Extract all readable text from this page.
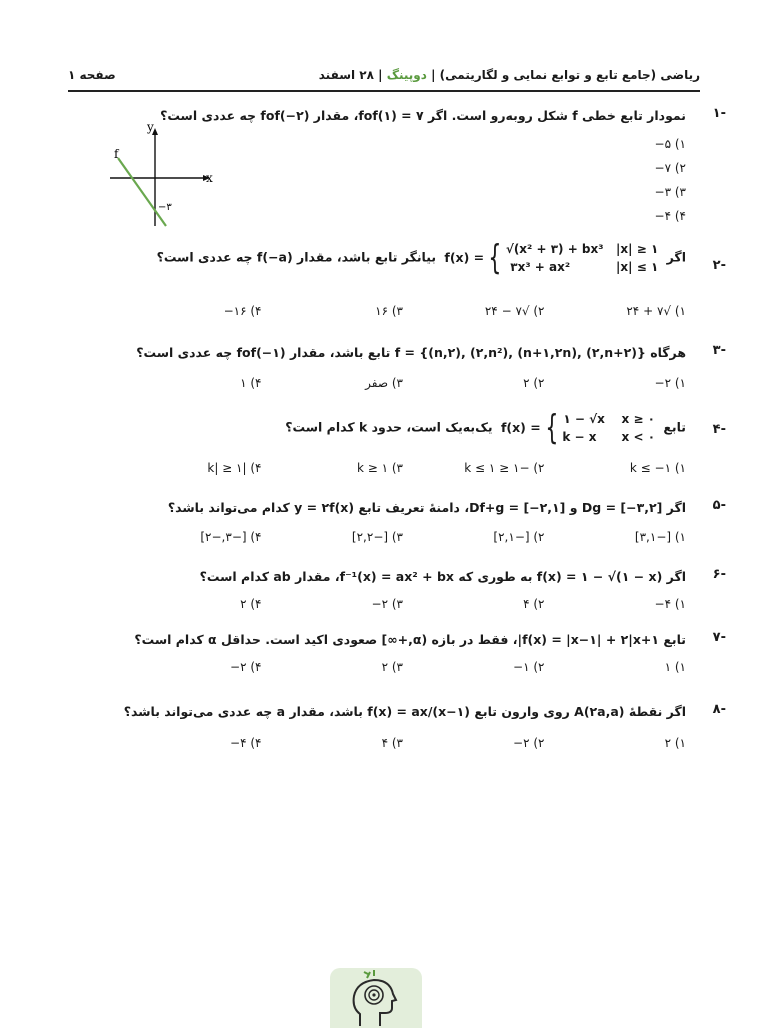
صفحه ۱	ریاضی (جامع تابع و توابع نمایی و لگاریتمی) | دوپینگ | ۲۸ اسفند
-۱
نمودار تابع خطی f شکل روبه‌رو است. اگر fof(۱) = ۷، مقدار fof(−۲) چه عددی است؟
۱) ۵−
۲) ۷−
۳) ۳−
۴) ۴−
x
y
f
−۳
-۲
اگر
f(x) = { √(x² + ۳) + bx³   |x| ≥ ۱
۳x³ + ax²           |x| ≤ ۱
بیانگر تابع باشد، مقدار f(−a) چه عددی است؟
۱) √۷ + ۲۴
۲) √۷ − ۲۴
۳) ۱۶
۴) ۱۶−
-۳
هرگاه f = {(n,۲), (۲,n²), (n+۱,۲n), (۲,n+۲)} تابع باشد، مقدار fof(−۱) چه عددی است؟
۱) ۲−
۲) ۲
۳) صفر
۴) ۱
-۴
تابع
f(x) = { ۱ − √x    x ≥ ۰
k − x      x < ۰
یک‌به‌یک است، حدود k کدام است؟
۱) k ≤ −۱
۲) −۱ ≤ k ≤ ۱
۳) k ≥ ۱
۴) |k| ≥ ۱
-۵
اگر Dg = [−۳,۲] و Df+g = [−۲,۱]، دامنهٔ تعریف تابع y = ۲f(x) کدام می‌تواند باشد؟
۱) [−۳,۱]
۲) [−۲,۱]
۳) [−۲,۲]
۴) [−۳,−۲]
-۶
اگر f(x) = ۱ − √(۱ − x) به طوری که f⁻¹(x) = ax² + bx، مقدار ab کدام است؟
۱) ۴−
۲) ۴
۳) ۲−
۴) ۲
-۷
تابع f(x) = |x−۱| + ۲|x+۱|، فقط در بازه (α,+∞] صعودی اکید است. حداقل α کدام است؟
۱) ۱
۲) ۱−
۳) ۲
۴) ۲−
-۸
اگر نقطهٔ A(۲a,a) روی وارون تابع f(x) = ax/(x−۱) باشد، مقدار a چه عددی می‌تواند باشد؟
۱) ۲
۲) ۲−
۳) ۴
۴) ۴−
